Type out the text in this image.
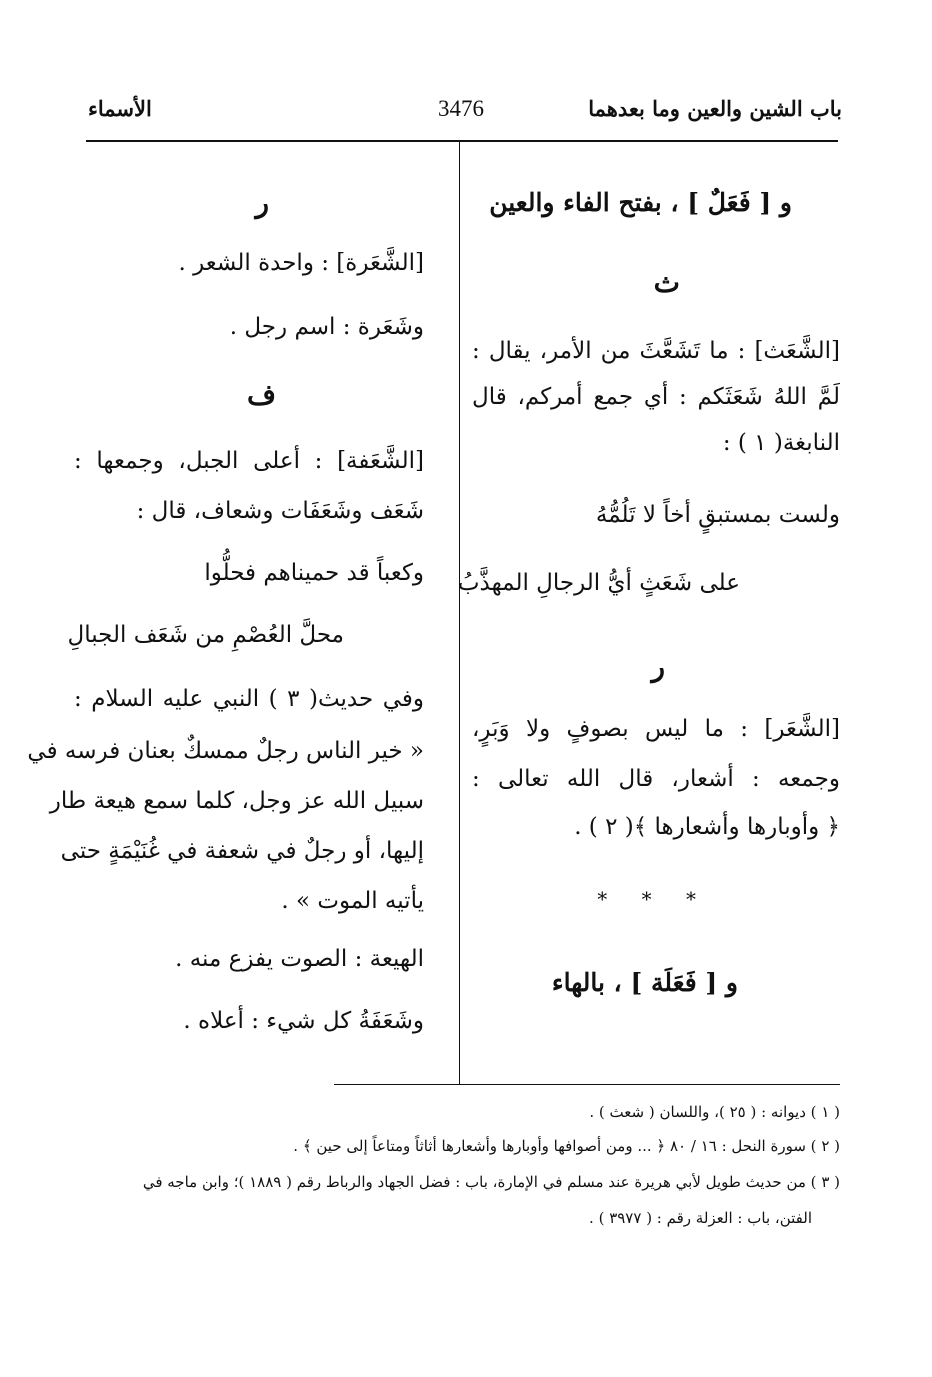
باب الشين والعين وما بعدهما
3476
الأسماء
و [ فَعَلٌ ] ، بفتح الفاء والعين
ث
[الشَّعَث] : ما تَشَعَّثَ من الأمر، يقال :
لَمَّ اللهُ شَعَثَكم : أي جمع أمركم، قال
النابغة( ١ ) :
ولست بمستبقٍ أخاً لا تَلُمُّهُ
على شَعَثٍ أيُّ الرجالِ المهذَّبُ
ر
[الشَّعَر] : ما ليس بصوفٍ ولا وَبَرٍ،
وجمعه : أشعار، قال الله تعالى :
﴿ وأوبارها وأشعارها ﴾( ٢ ) .
* * *
و [ فَعَلَة ] ، بالهاء
ر
[الشَّعَرة] : واحدة الشعر .
وشَعَرة : اسم رجل .
ف
[الشَّعَفة] : أعلى الجبل، وجمعها :
شَعَف وشَعَفَات وشعاف، قال :
وكعباً قد حميناهم فحلُّوا
محلَّ العُصْمِ من شَعَف الجبالِ
وفي حديث( ٣ ) النبي عليه السلام :
« خير الناس رجلٌ ممسكٌ بعنان فرسه في
سبيل الله عز وجل، كلما سمع هيعة طار
إليها، أو رجلٌ في شعفة في غُنَيْمَةٍ حتى
يأتيه الموت » .
الهيعة : الصوت يفزع منه .
وشَعَفَةُ كل شيء : أعلاه .
( ١ ) ديوانه : ( ٢٥ )، واللسان ( شعث ) .
( ٢ ) سورة النحل : ١٦ / ٨٠ ﴿ ... ومن أصوافها وأوبارها وأشعارها أثاثاً ومتاعاً إلى حين ﴾ .
( ٣ ) من حديث طويل لأبي هريرة عند مسلم في الإمارة، باب : فضل الجهاد والرباط رقم ( ١٨٨٩ )؛ وابن ماجه في
الفتن، باب : العزلة رقم : ( ٣٩٧٧ ) .
